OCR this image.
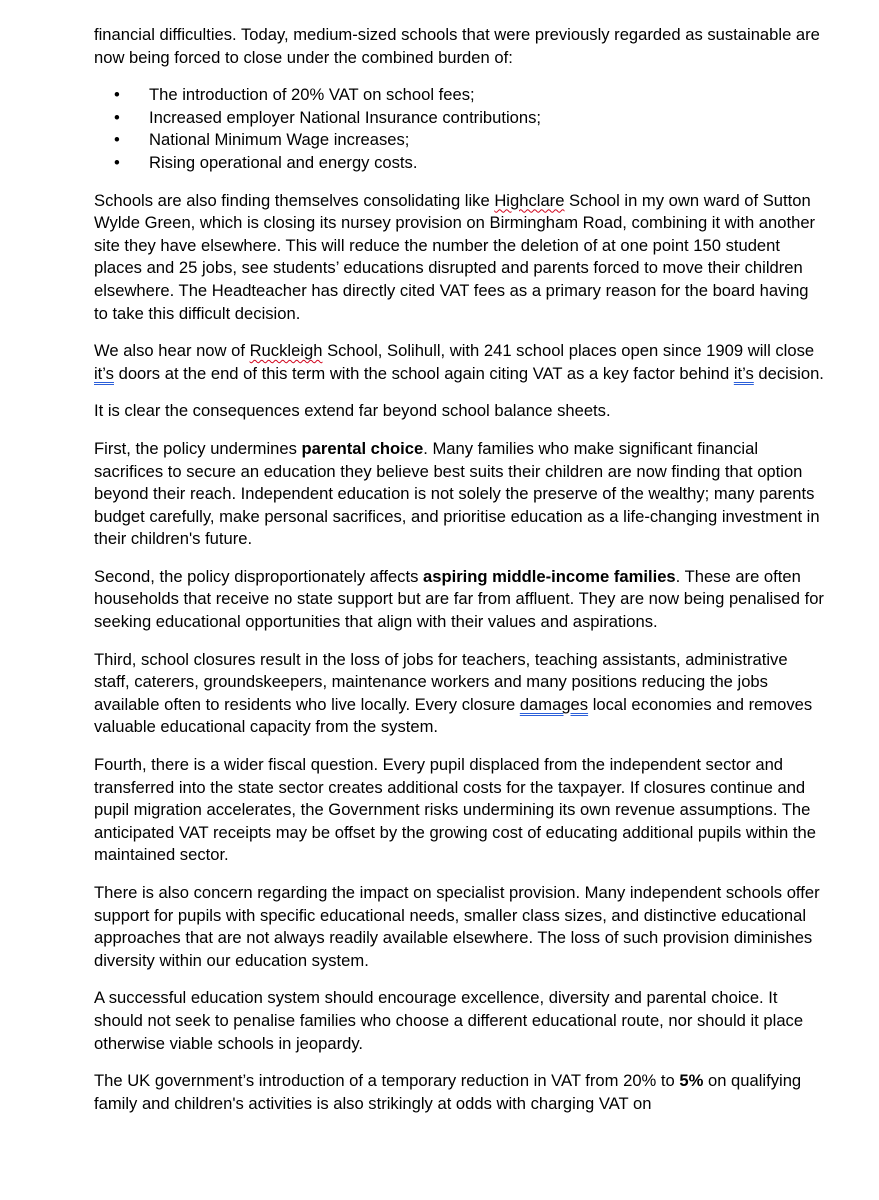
financial difficulties. Today, medium-sized schools that were previously regarded as sustainable are now being forced to close under the combined burden of:

• The introduction of 20% VAT on school fees;
• Increased employer National Insurance contributions;
• National Minimum Wage increases;
• Rising operational and energy costs.

Schools are also finding themselves consolidating like Highclare School in my own ward of Sutton Wylde Green, which is closing its nursey provision on Birmingham Road, combining it with another site they have elsewhere. This will reduce the number the deletion of at one point 150 student places and 25 jobs, see students’ educations disrupted and parents forced to move their children elsewhere. The Headteacher has directly cited VAT fees as a primary reason for the board having to take this difficult decision.

We also hear now of Ruckleigh School, Solihull, with 241 school places open since 1909 will close it’s doors at the end of this term with the school again citing VAT as a key factor behind it’s decision.

It is clear the consequences extend far beyond school balance sheets.

First, the policy undermines parental choice. Many families who make significant financial sacrifices to secure an education they believe best suits their children are now finding that option beyond their reach. Independent education is not solely the preserve of the wealthy; many parents budget carefully, make personal sacrifices, and prioritise education as a life-changing investment in their children's future.

Second, the policy disproportionately affects aspiring middle-income families. These are often households that receive no state support but are far from affluent. They are now being penalised for seeking educational opportunities that align with their values and aspirations.

Third, school closures result in the loss of jobs for teachers, teaching assistants, administrative staff, caterers, groundskeepers, maintenance workers and many positions reducing the jobs available often to residents who live locally. Every closure damages local economies and removes valuable educational capacity from the system.

Fourth, there is a wider fiscal question. Every pupil displaced from the independent sector and transferred into the state sector creates additional costs for the taxpayer. If closures continue and pupil migration accelerates, the Government risks undermining its own revenue assumptions. The anticipated VAT receipts may be offset by the growing cost of educating additional pupils within the maintained sector.

There is also concern regarding the impact on specialist provision. Many independent schools offer support for pupils with specific educational needs, smaller class sizes, and distinctive educational approaches that are not always readily available elsewhere. The loss of such provision diminishes diversity within our education system.

A successful education system should encourage excellence, diversity and parental choice. It should not seek to penalise families who choose a different educational route, nor should it place otherwise viable schools in jeopardy.

The UK government’s introduction of a temporary reduction in VAT from 20% to 5% on qualifying family and children's activities is also strikingly at odds with charging VAT on
